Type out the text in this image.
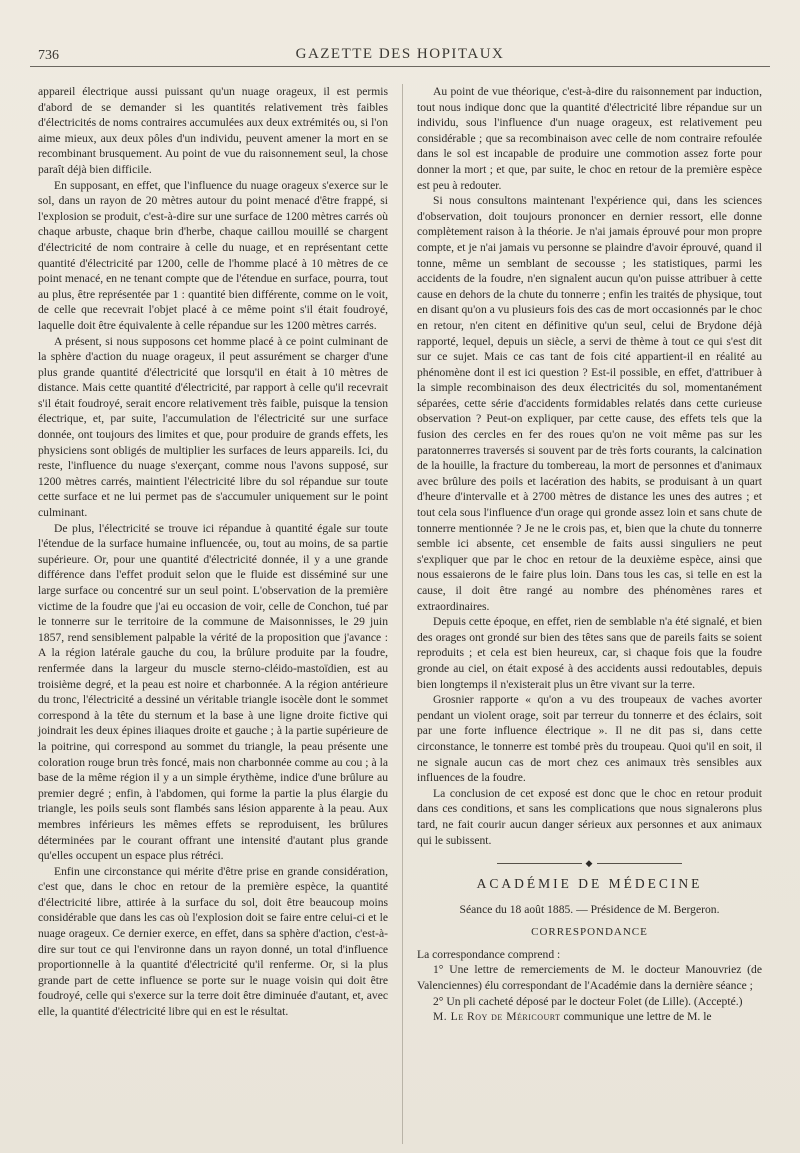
736	GAZETTE DES HOPITAUX

appareil électrique aussi puissant qu'un nuage orageux, il est permis d'abord de se demander si les quantités relativement très faibles d'électricités de noms contraires accumulées aux deux extrémités ou, si l'on aime mieux, aux deux pôles d'un individu, peuvent amener la mort en se recombinant brusquement. Au point de vue du raisonnement seul, la chose paraît déjà bien difficile.

En supposant, en effet, que l'influence du nuage orageux s'exerce sur le sol, dans un rayon de 20 mètres autour du point menacé d'être frappé, si l'explosion se produit, c'est-à-dire sur une surface de 1200 mètres carrés où chaque arbuste, chaque brin d'herbe, chaque caillou mouillé se chargent d'électricité de nom contraire à celle du nuage, et en représentant cette quantité d'électricité par 1200, celle de l'homme placé à 10 mètres de ce point menacé, en ne tenant compte que de l'étendue en surface, pourra, tout au plus, être représentée par 1 : quantité bien différente, comme on le voit, de celle que recevrait l'objet placé à ce même point s'il était foudroyé, laquelle doit être équivalente à celle répandue sur les 1200 mètres carrés.

A présent, si nous supposons cet homme placé à ce point culminant de la sphère d'action du nuage orageux, il peut assurément se charger d'une plus grande quantité d'électricité que lorsqu'il en était à 10 mètres de distance. Mais cette quantité d'électricité, par rapport à celle qu'il recevrait s'il était foudroyé, serait encore relativement très faible, puisque la tension électrique, et, par suite, l'accumulation de l'électricité sur une surface donnée, ont toujours des limites et que, pour produire de grands effets, les physiciens sont obligés de multiplier les surfaces de leurs appareils. Ici, du reste, l'influence du nuage s'exerçant, comme nous l'avons supposé, sur 1200 mètres carrés, maintient l'électricité libre du sol répandue sur toute cette surface et ne lui permet pas de s'accumuler uniquement sur le point culminant.

De plus, l'électricité se trouve ici répandue à quantité égale sur toute l'étendue de la surface humaine influencée, ou, tout au moins, de sa partie supérieure. Or, pour une quantité d'électricité donnée, il y a une grande différence dans l'effet produit selon que le fluide est disséminé sur une large surface ou concentré sur un seul point. L'observation de la première victime de la foudre que j'ai eu occasion de voir, celle de Conchon, tué par le tonnerre sur le territoire de la commune de Maisonnisses, le 29 juin 1857, rend sensiblement palpable la vérité de la proposition que j'avance : A la région latérale gauche du cou, la brûlure produite par la foudre, renfermée dans la largeur du muscle sterno-cléido-mastoïdien, est au troisième degré, et la peau est noire et charbonnée. A la région antérieure du tronc, l'électricité a dessiné un véritable triangle isocèle dont le sommet correspond à la tête du sternum et la base à une ligne droite fictive qui joindrait les deux épines iliaques droite et gauche ; à la partie supérieure de la poitrine, qui correspond au sommet du triangle, la peau présente une coloration rouge brun très foncé, mais non charbonnée comme au cou ; à la base de la même région il y a un simple érythème, indice d'une brûlure au premier degré ; enfin, à l'abdomen, qui forme la partie la plus élargie du triangle, les poils seuls sont flambés sans lésion apparente à la peau. Aux membres inférieurs les mêmes effets se reproduisent, les brûlures déterminées par le courant offrant une intensité d'autant plus grande qu'elles occupent un espace plus rétréci.

Enfin une circonstance qui mérite d'être prise en grande considération, c'est que, dans le choc en retour de la première espèce, la quantité d'électricité libre, attirée à la surface du sol, doit être beaucoup moins considérable que dans les cas où l'explosion doit se faire entre celui-ci et le nuage orageux. Ce dernier exerce, en effet, dans sa sphère d'action, c'est-à-dire sur tout ce qui l'environne dans un rayon donné, un total d'influence proportionnelle à la quantité d'électricité qu'il renferme. Or, si la plus grande part de cette influence se porte sur le nuage voisin qui doit être foudroyé, celle qui s'exerce sur la terre doit être diminuée d'autant, et, avec elle, la quantité d'électricité libre qui en est le résultat.

Au point de vue théorique, c'est-à-dire du raisonnement par induction, tout nous indique donc que la quantité d'électricité libre répandue sur un individu, sous l'influence d'un nuage orageux, est relativement peu considérable ; que sa recombinaison avec celle de nom contraire refoulée dans le sol est incapable de produire une commotion assez forte pour donner la mort ; et que, par suite, le choc en retour de la première espèce est peu à redouter.

Si nous consultons maintenant l'expérience qui, dans les sciences d'observation, doit toujours prononcer en dernier ressort, elle donne complètement raison à la théorie. Je n'ai jamais éprouvé pour mon propre compte, et je n'ai jamais vu personne se plaindre d'avoir éprouvé, quand il tonne, même un semblant de secousse ; les statistiques, parmi les accidents de la foudre, n'en signalent aucun qu'on puisse attribuer à cette cause en dehors de la chute du tonnerre ; enfin les traités de physique, tout en disant qu'on a vu plusieurs fois des cas de mort occasionnés par le choc en retour, n'en citent en définitive qu'un seul, celui de Brydone déjà rapporté, lequel, depuis un siècle, a servi de thème à tout ce qui s'est dit sur ce sujet. Mais ce cas tant de fois cité appartient-il en réalité au phénomène dont il est ici question ? Est-il possible, en effet, d'attribuer à la simple recombinaison des deux électricités du sol, momentanément séparées, cette série d'accidents formidables relatés dans cette curieuse observation ? Peut-on expliquer, par cette cause, des effets tels que la fusion des cercles en fer des roues qu'on ne voit même pas sur les paratonnerres traversés si souvent par de très forts courants, la calcination de la houille, la fracture du tombereau, la mort de personnes et d'animaux avec brûlure des poils et lacération des habits, se produisant à un quart d'heure d'intervalle et à 2700 mètres de distance les unes des autres ; et tout cela sous l'influence d'un orage qui gronde assez loin et sans chute de tonnerre mentionnée ? Je ne le crois pas, et, bien que la chute du tonnerre semble ici absente, cet ensemble de faits aussi singuliers ne peut s'expliquer que par le choc en retour de la deuxième espèce, ainsi que nous essaierons de le faire plus loin. Dans tous les cas, si telle en est la cause, il doit être rangé au nombre des phénomènes rares et extraordinaires.

Depuis cette époque, en effet, rien de semblable n'a été signalé, et bien des orages ont grondé sur bien des têtes sans que de pareils faits se soient reproduits ; et cela est bien heureux, car, si chaque fois que la foudre gronde au ciel, on était exposé à des accidents aussi redoutables, depuis bien longtemps il n'existerait plus un être vivant sur la terre.

Grosnier rapporte « qu'on a vu des troupeaux de vaches avorter pendant un violent orage, soit par terreur du tonnerre et des éclairs, soit par une forte influence électrique ». Il ne dit pas si, dans cette circonstance, le tonnerre est tombé près du troupeau. Quoi qu'il en soit, il ne signale aucun cas de mort chez ces animaux très sensibles aux influences de la foudre.

La conclusion de cet exposé est donc que le choc en retour produit dans ces conditions, et sans les complications que nous signalerons plus tard, ne fait courir aucun danger sérieux aux personnes et aux animaux qui le subissent.

◆
ACADÉMIE DE MÉDECINE
Séance du 18 août 1885. — Présidence de M. Bergeron.
CORRESPONDANCE

La correspondance comprend :

1° Une lettre de remerciements de M. le docteur Manouvriez (de Valenciennes) élu correspondant de l'Académie dans la dernière séance ;

2° Un pli cacheté déposé par le docteur Folet (de Lille). (Accepté.)

M. Le Roy de Méricourt communique une lettre de M. le
